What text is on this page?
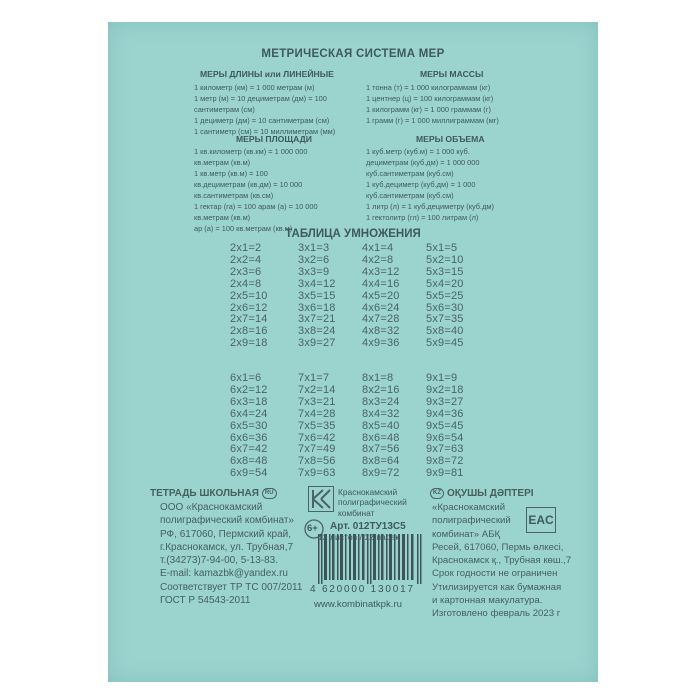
МЕТРИЧЕСКАЯ СИСТЕМА МЕР
МЕРЫ ДЛИНЫ или ЛИНЕЙНЫЕ
1 километр (км) = 1 000 метрам (м)
1 метр (м) = 10 дециметрам (дм) = 100
сантиметрам (см)
1 дециметр (дм) = 10 сантиметрам (см)
1 сантиметр (см) = 10 миллиметрам (мм)
МЕРЫ МАССЫ
1 тонна (т) = 1 000 килограммам (кг)
1 центнер (ц) = 100 килограммам (кг)
1 килограмм (кг) = 1 000 граммам (г)
1 грамм (г) = 1 000 миллиграммам (мг)
МЕРЫ ПЛОЩАДИ
1 кв.километр (кв.км) = 1 000 000
кв.метрам (кв.м)
1 кв.метр (кв.м) = 100
кв.дециметрам (кв.дм) = 10 000
кв.сантиметрам (кв.см)
1 гектар (га) = 100 арам (а) = 10 000
кв.метрам (кв.м)
ар (а) = 100 кв.метрам (кв.м)
МЕРЫ ОБЪЕМА
1 куб.метр (куб.м) = 1 000 куб.
дециметрам (куб.дм) = 1 000 000
куб.сантиметрам (куб.см)
1 куб.дециметр (куб.дм) = 1 000
куб.сантиметрам (куб.см)
1 литр (л) = 1 куб.дециметру (куб.дм)
1 гектолитр (гл) = 100 литрам (л)
ТАБЛИЦА УМНОЖЕНИЯ
2x1=2
2x2=4
2x3=6
2x4=8
2x5=10
2x6=12
2x7=14
2x8=16
2x9=18
3x1=3
3x2=6
3x3=9
3x4=12
3x5=15
3x6=18
3x7=21
3x8=24
3x9=27
4x1=4
4x2=8
4x3=12
4x4=16
4x5=20
4x6=24
4x7=28
4x8=32
4x9=36
5x1=5
5x2=10
5x3=15
5x4=20
5x5=25
5x6=30
5x7=35
5x8=40
5x9=45
6x1=6
6x2=12
6x3=18
6x4=24
6x5=30
6x6=36
6x7=42
6x8=48
6x9=54
7x1=7
7x2=14
7x3=21
7x4=28
7x5=35
7x6=42
7x7=49
7x8=56
7x9=63
8x1=8
8x2=16
8x3=24
8x4=32
8x5=40
8x6=48
8x7=56
8x8=64
8x9=72
9x1=9
9x2=18
9x3=27
9x4=36
9x5=45
9x6=54
9x7=63
9x8=72
9x9=81
ТЕТРАДЬ ШКОЛЬНАЯ RU
ООО «Краснокамский
полиграфический комбинат»
РФ, 617060, Пермский край,
г.Краснокамск, ул. Трубная,7
т.(34273)7-94-00, 5-13-83.
E-mail: kamazbk@yandex.ru
Соответствует ТР ТС 007/2011
ГОСТ Р 54543-2011
Краснокамский
полиграфический
комбинат
6+ Арт. 012ТУ13С5
12 листов / 12 парақ
4 620000 130017
www.kombinatkpk.ru
KZ ОҚУШЫ ДӘПТЕРІ
«Краснокамский
полиграфический
комбинат» АБҚ
Ресей, 617060, Пермь өлкесі,
Краснокамск қ., Трубная көш.,7
Срок годности не ограничен
Утилизируется как бумажная
и картонная макулатура.
Изготовлено февраль 2023 г
EAC
